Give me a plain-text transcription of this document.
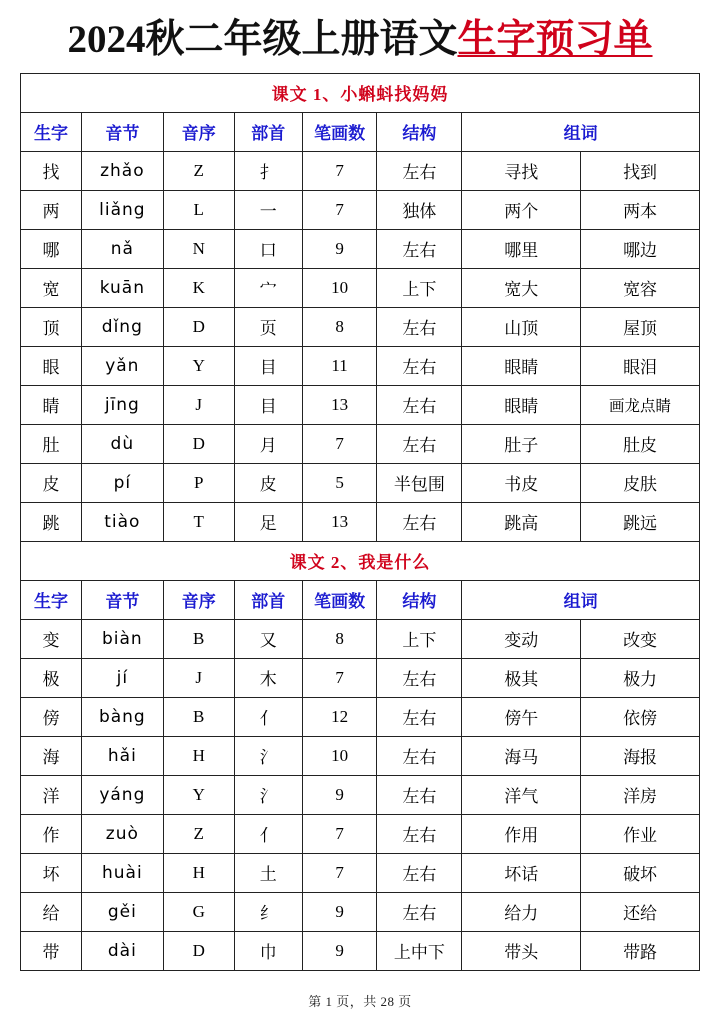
2024秋二年级上册语文生字预习单
课文 1、小蝌蚪找妈妈							
生字	音节	音序	部首	笔画数	结构	组词	
找	zhǎo	Z	扌	7	左右	寻找	找到
两	liǎng	L	一	7	独体	两个	两本
哪	nǎ	N	口	9	左右	哪里	哪边
宽	kuān	K	宀	10	上下	宽大	宽容
顶	dǐng	D	页	8	左右	山顶	屋顶
眼	yǎn	Y	目	11	左右	眼睛	眼泪
睛	jīng	J	目	13	左右	眼睛	画龙点睛
肚	dù	D	月	7	左右	肚子	肚皮
皮	pí	P	皮	5	半包围	书皮	皮肤
跳	tiào	T	足	13	左右	跳高	跳远
课文 2、我是什么							
生字	音节	音序	部首	笔画数	结构	组词	
变	biàn	B	又	8	上下	变动	改变
极	jí	J	木	7	左右	极其	极力
傍	bàng	B	亻	12	左右	傍午	依傍
海	hǎi	H	氵	10	左右	海马	海报
洋	yáng	Y	氵	9	左右	洋气	洋房
作	zuò	Z	亻	7	左右	作用	作业
坏	huài	H	土	7	左右	坏话	破坏
给	gěi	G	纟	9	左右	给力	还给
带	dài	D	巾	9	上中下	带头	带路
第 1 页，共 28 页
